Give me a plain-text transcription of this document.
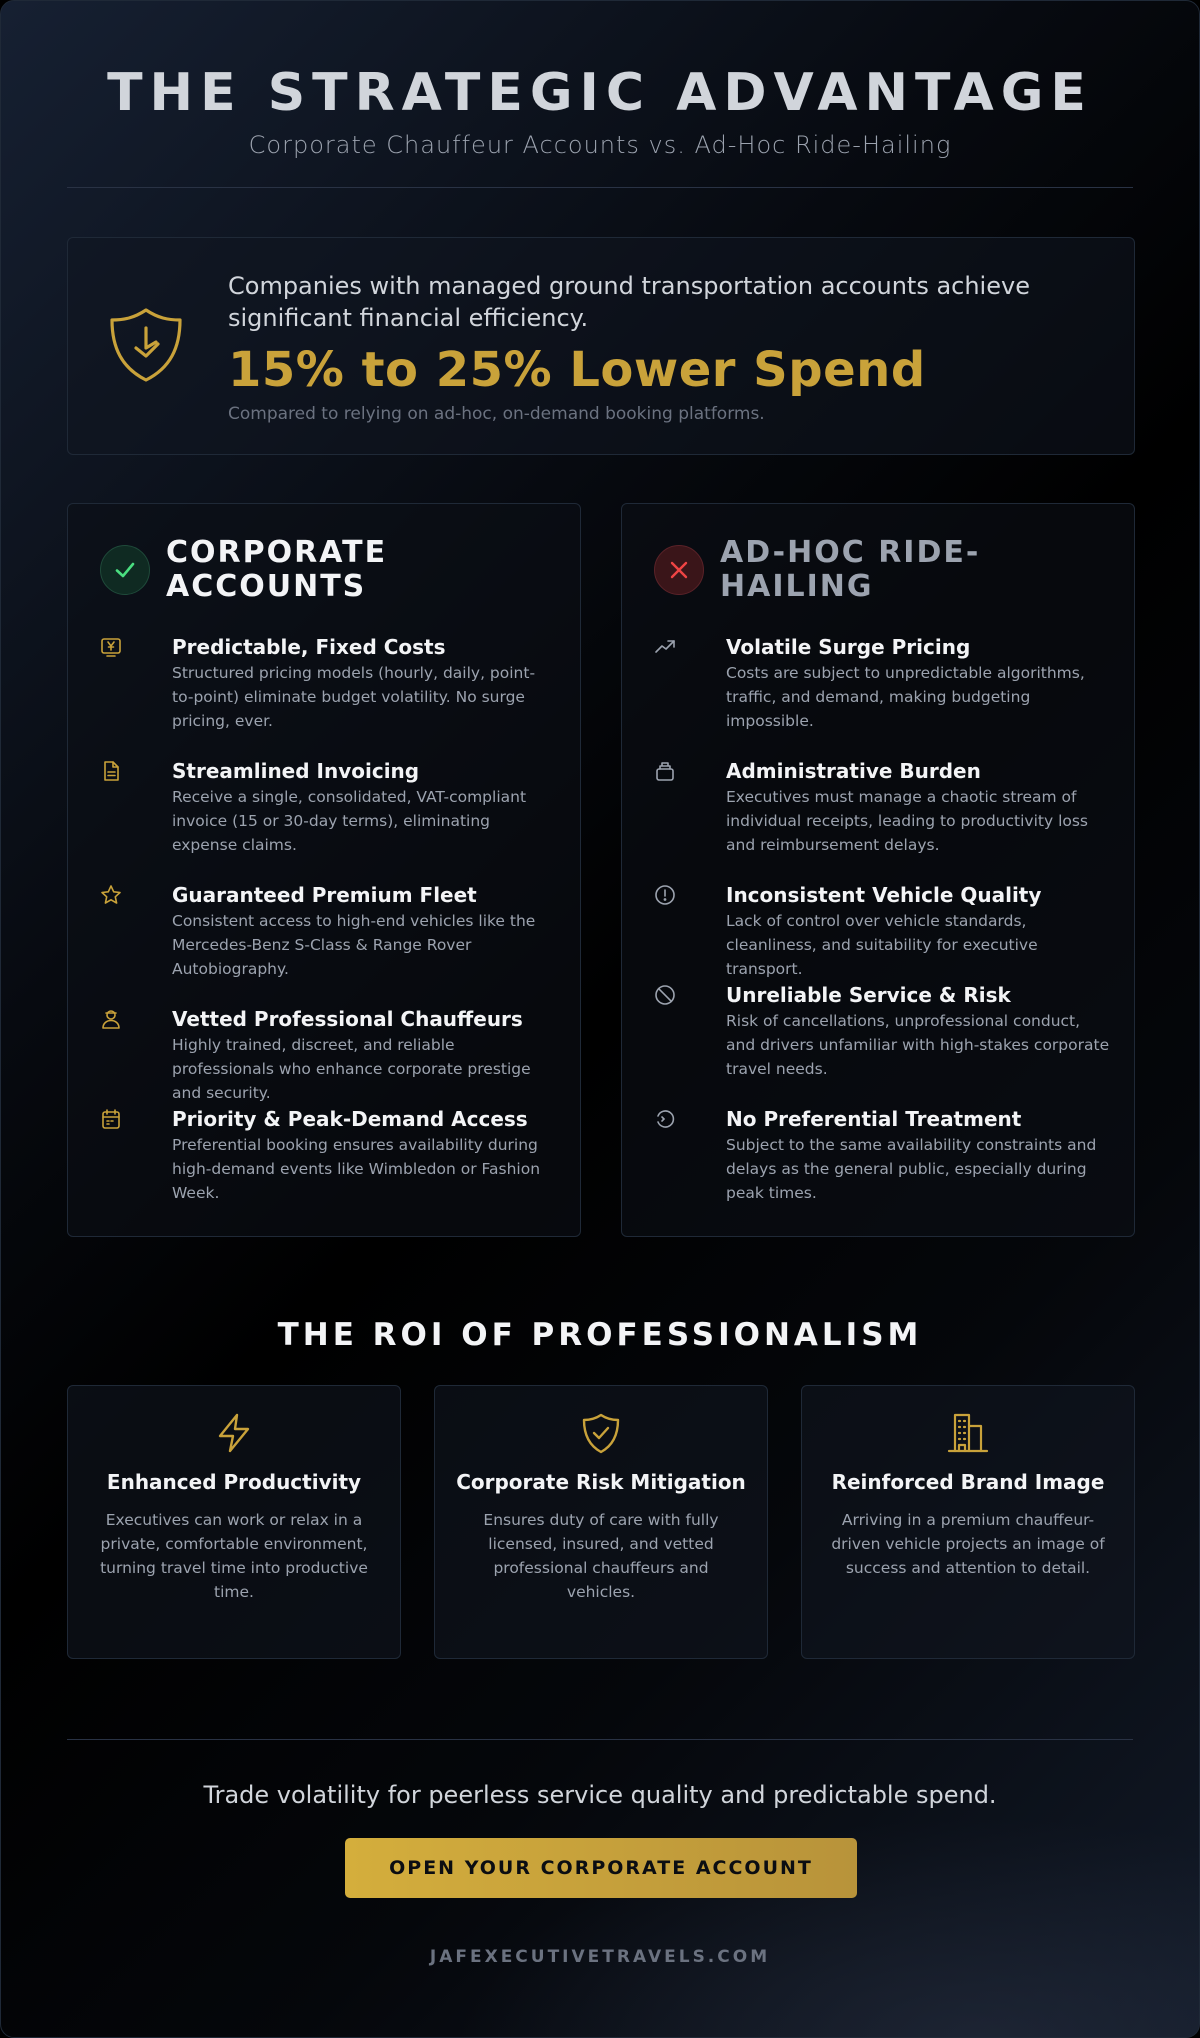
THE STRATEGIC ADVANTAGE
Corporate Chauffeur Accounts vs. Ad-Hoc Ride-Hailing
Companies with managed ground transportation accounts achieve significant financial efficiency.
15% to 25% Lower Spend
Compared to relying on ad-hoc, on-demand booking platforms.
CORPORATE ACCOUNTS
Predictable, Fixed Costs
Structured pricing models (hourly, daily, point-to-point) eliminate budget volatility. No surge pricing, ever.
Streamlined Invoicing
Receive a single, consolidated, VAT-compliant invoice (15 or 30-day terms), eliminating expense claims.
Guaranteed Premium Fleet
Consistent access to high-end vehicles like the Mercedes-Benz S-Class & Range Rover Autobiography.
Vetted Professional Chauffeurs
Highly trained, discreet, and reliable professionals who enhance corporate prestige and security.
Priority & Peak-Demand Access
Preferential booking ensures availability during high-demand events like Wimbledon or Fashion Week.
AD-HOC RIDE-HAILING
Volatile Surge Pricing
Costs are subject to unpredictable algorithms, traffic, and demand, making budgeting impossible.
Administrative Burden
Executives must manage a chaotic stream of individual receipts, leading to productivity loss and reimbursement delays.
Inconsistent Vehicle Quality
Lack of control over vehicle standards, cleanliness, and suitability for executive transport.
Unreliable Service & Risk
Risk of cancellations, unprofessional conduct, and drivers unfamiliar with high-stakes corporate travel needs.
No Preferential Treatment
Subject to the same availability constraints and delays as the general public, especially during peak times.
THE ROI OF PROFESSIONALISM
Enhanced Productivity
Executives can work or relax in a private, comfortable environment, turning travel time into productive time.
Corporate Risk Mitigation
Ensures duty of care with fully licensed, insured, and vetted professional chauffeurs and vehicles.
Reinforced Brand Image
Arriving in a premium chauffeur-driven vehicle projects an image of success and attention to detail.
Trade volatility for peerless service quality and predictable spend.
OPEN YOUR CORPORATE ACCOUNT
JAFEXECUTIVETRAVELS.COM
